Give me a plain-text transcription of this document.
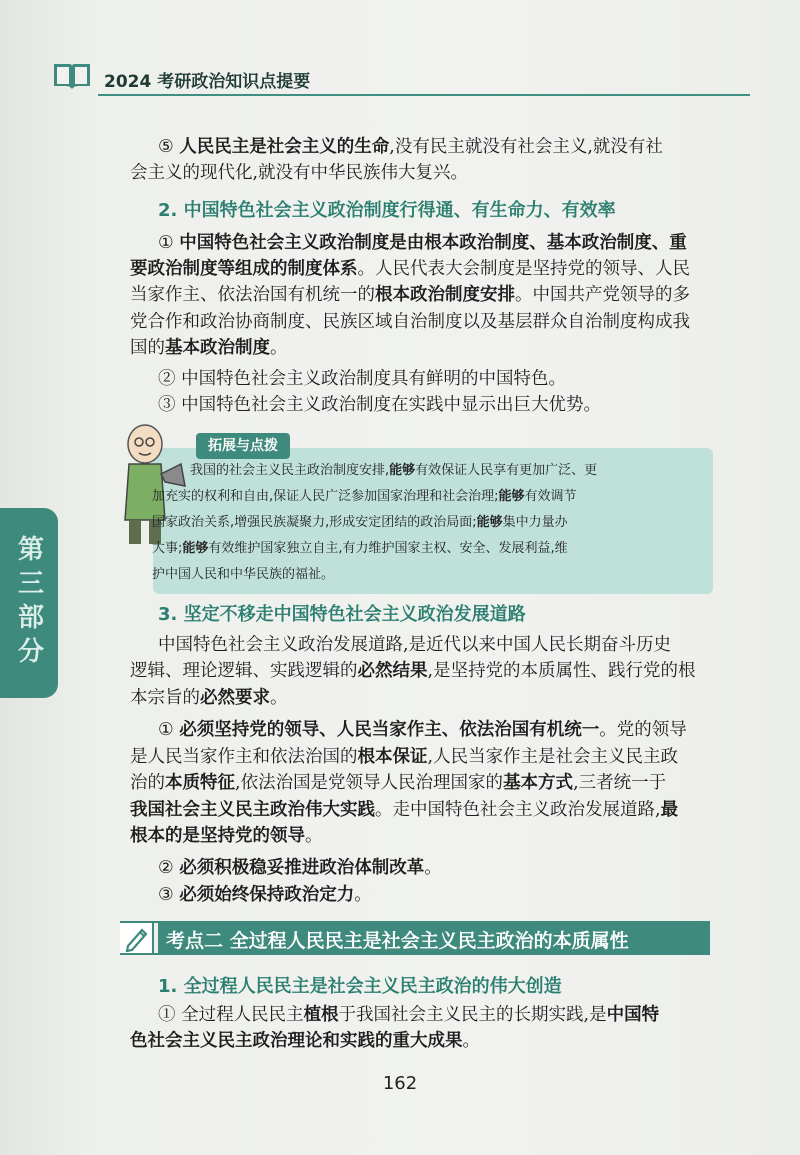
2024 考研政治知识点提要
第三部分
⑤ 人民民主是社会主义的生命,没有民主就没有社会主义,就没有社
会主义的现代化,就没有中华民族伟大复兴。
2. 中国特色社会主义政治制度行得通、有生命力、有效率
① 中国特色社会主义政治制度是由根本政治制度、基本政治制度、重
要政治制度等组成的制度体系。人民代表大会制度是坚持党的领导、人民
当家作主、依法治国有机统一的根本政治制度安排。中国共产党领导的多
党合作和政治协商制度、民族区域自治制度以及基层群众自治制度构成我
国的基本政治制度。
② 中国特色社会主义政治制度具有鲜明的中国特色。
③ 中国特色社会主义政治制度在实践中显示出巨大优势。
拓展与点拨
我国的社会主义民主政治制度安排,能够有效保证人民享有更加广泛、更
加充实的权利和自由,保证人民广泛参加国家治理和社会治理;能够有效调节
国家政治关系,增强民族凝聚力,形成安定团结的政治局面;能够集中力量办
大事;能够有效维护国家独立自主,有力维护国家主权、安全、发展利益,维
护中国人民和中华民族的福祉。
3. 坚定不移走中国特色社会主义政治发展道路
中国特色社会主义政治发展道路,是近代以来中国人民长期奋斗历史
逻辑、理论逻辑、实践逻辑的必然结果,是坚持党的本质属性、践行党的根
本宗旨的必然要求。
① 必须坚持党的领导、人民当家作主、依法治国有机统一。党的领导
是人民当家作主和依法治国的根本保证,人民当家作主是社会主义民主政
治的本质特征,依法治国是党领导人民治理国家的基本方式,三者统一于
我国社会主义民主政治伟大实践。走中国特色社会主义政治发展道路,最
根本的是坚持党的领导。
② 必须积极稳妥推进政治体制改革。
③ 必须始终保持政治定力。
考点二 全过程人民民主是社会主义民主政治的本质属性
1. 全过程人民民主是社会主义民主政治的伟大创造
① 全过程人民民主植根于我国社会主义民主的长期实践,是中国特
色社会主义民主政治理论和实践的重大成果。
162
